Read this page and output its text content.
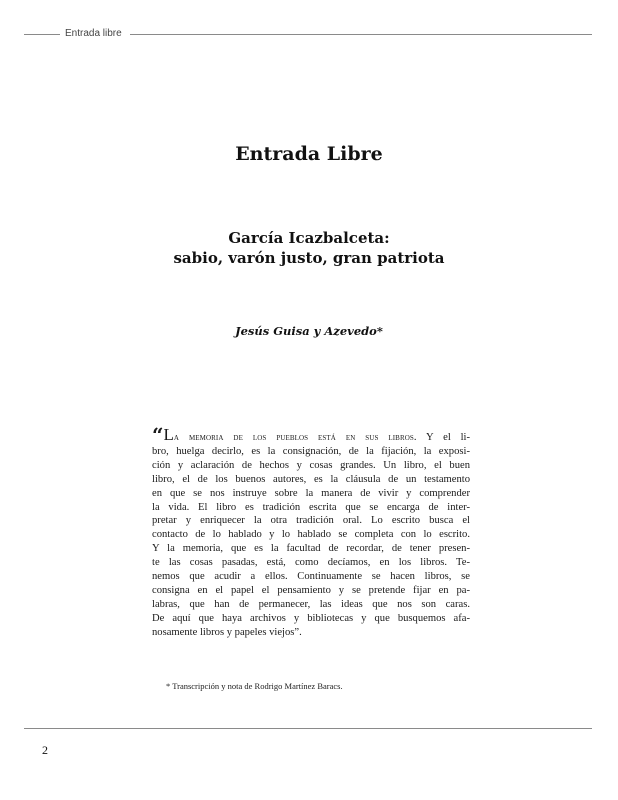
Entrada libre
Entrada Libre
García Icazbalceta:
sabio, varón justo, gran patriota
Jesús Guisa y Azevedo*
“La memoria de los pueblos está en sus libros. Y el li-
bro, huelga decirlo, es la consignación, de la fijación, la exposi-
ción y aclaración de hechos y cosas grandes. Un libro, el buen
libro, el de los buenos autores, es la cláusula de un testamento
en que se nos instruye sobre la manera de vivir y comprender
la vida. El libro es tradición escrita que se encarga de inter-
pretar y enriquecer la otra tradición oral. Lo escrito busca el
contacto de lo hablado y lo hablado se completa con lo escrito.
Y la memoria, que es la facultad de recordar, de tener presen-
te las cosas pasadas, está, como decíamos, en los libros. Te-
nemos que acudir a ellos. Continuamente se hacen libros, se
consigna en el papel el pensamiento y se pretende fijar en pa-
labras, que han de permanecer, las ideas que nos son caras.
De aquí que haya archivos y bibliotecas y que busquemos afa-
nosamente libros y papeles viejos”.
* Transcripción y nota de Rodrigo Martínez Baracs.
2
